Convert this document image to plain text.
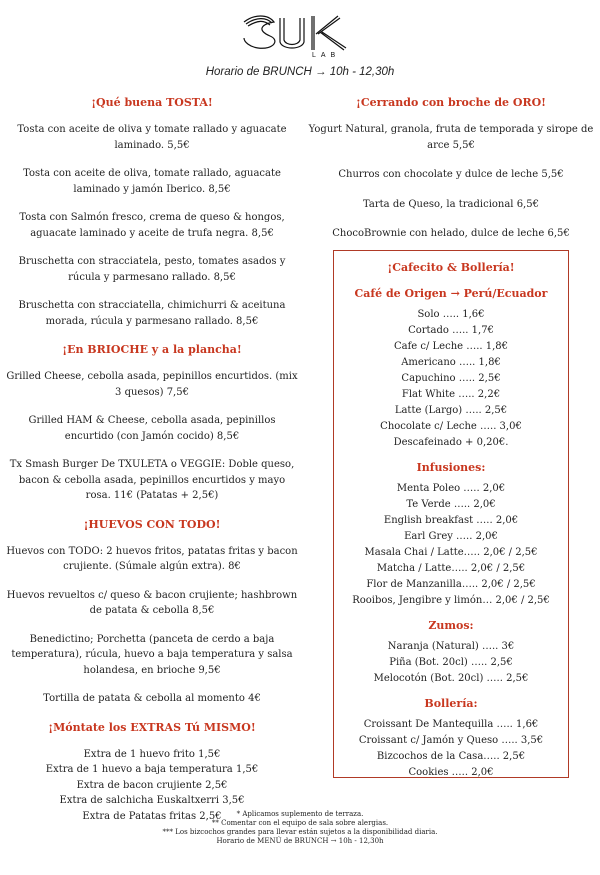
LAB
Horario de BRUNCH → 10h - 12,30h
¡Qué buena TOSTA!
Tosta con aceite de oliva y tomate rallado y aguacate laminado. 5,5€
Tosta con aceite de oliva, tomate rallado, aguacate laminado y jamón Iberico. 8,5€
Tosta con Salmón fresco, crema de queso & hongos, aguacate laminado y aceite de trufa negra. 8,5€
Bruschetta con stracciatela, pesto, tomates asados y rúcula y parmesano rallado. 8,5€
Bruschetta con stracciatella, chimichurri & aceituna morada, rúcula y parmesano rallado. 8,5€
¡En BRIOCHE y a la plancha!
Grilled Cheese, cebolla asada, pepinillos encurtidos. (mix 3 quesos) 7,5€
Grilled HAM & Cheese, cebolla asada, pepinillos encurtido (con Jamón cocido) 8,5€
Tx Smash Burger De TXULETA o VEGGIE: Doble queso, bacon & cebolla asada, pepinillos encurtidos y mayo rosa. 11€ (Patatas + 2,5€)
¡HUEVOS CON TODO!
Huevos con TODO: 2 huevos fritos, patatas fritas y bacon crujiente. (Súmale algún extra). 8€
Huevos revueltos c/ queso & bacon crujiente; hashbrown de patata & cebolla 8,5€
Benedictino; Porchetta (panceta de cerdo a baja temperatura), rúcula, huevo a baja temperatura y salsa holandesa, en brioche 9,5€
Tortilla de patata & cebolla al momento 4€
¡Móntate los EXTRAS Tú MISMO!
Extra de 1 huevo frito 1,5€
Extra de 1 huevo a baja temperatura 1,5€
Extra de bacon crujiente 2,5€
Extra de salchicha Euskaltxerri 3,5€
Extra de Patatas fritas 2,5€
¡Cerrando con broche de ORO!
Yogurt Natural, granola, fruta de temporada y sirope de arce 5,5€
Churros con chocolate y dulce de leche 5,5€
Tarta de Queso, la tradicional 6,5€
ChocoBrownie con helado, dulce de leche 6,5€
¡Cafecito & Bollería!
Café de Origen → Perú/Ecuador
Solo ….. 1,6€
Cortado ….. 1,7€
Cafe c/ Leche ….. 1,8€
Americano ….. 1,8€
Capuchino ….. 2,5€
Flat White ….. 2,2€
Latte (Largo) ….. 2,5€
Chocolate c/ Leche ….. 3,0€
Descafeinado + 0,20€.
Infusiones:
Menta Poleo ….. 2,0€
Te Verde ….. 2,0€
English breakfast ….. 2,0€
Earl Grey ….. 2,0€
Masala Chai / Latte….. 2,0€ / 2,5€
Matcha / Latte….. 2,0€ / 2,5€
Flor de Manzanilla….. 2,0€ / 2,5€
Rooibos, Jengibre y limón… 2,0€ / 2,5€
Zumos:
Naranja (Natural) ….. 3€
Piña (Bot. 20cl) ….. 2,5€
Melocotón (Bot. 20cl) ….. 2,5€
Bollería:
Croissant De Mantequilla ….. 1,6€
Croissant c/ Jamón y Queso ….. 3,5€
Bizcochos de la Casa….. 2,5€
Cookies ….. 2,0€
* Aplicamos suplemento de terraza.
** Comentar con el equipo de sala sobre alergias.
*** Los bizcochos grandes para llevar están sujetos a la disponibilidad diaria.
Horario de MENÚ de BRUNCH → 10h - 12,30h
